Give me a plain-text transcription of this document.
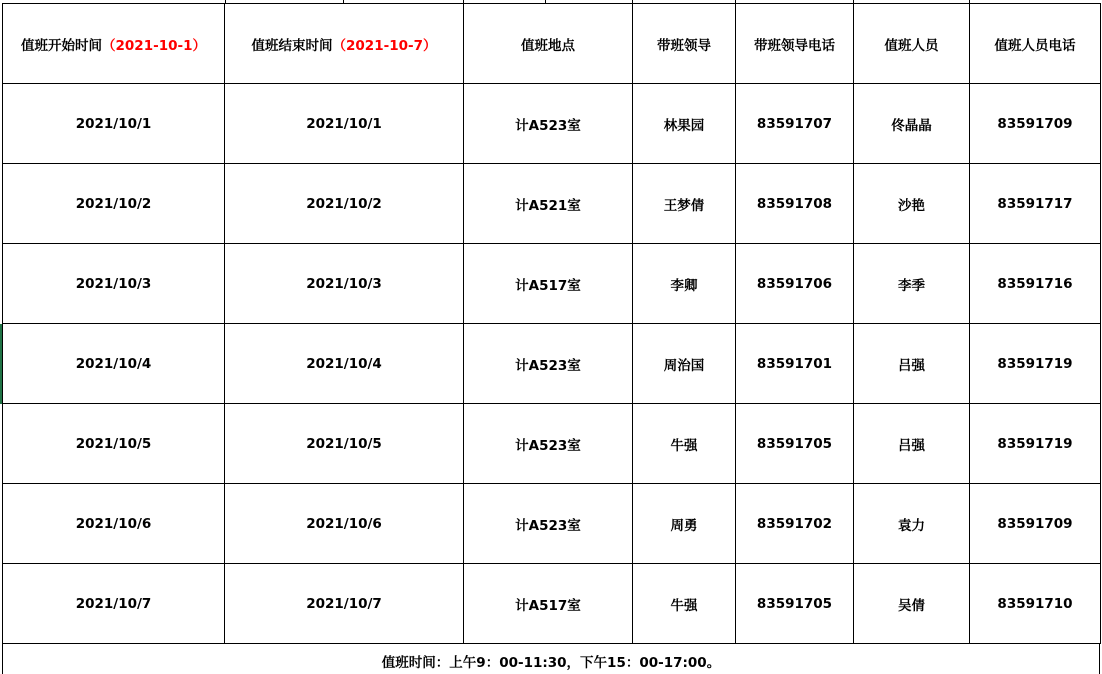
值班开始时间（2021-10-1）	值班结束时间（2021-10-7）	值班地点	带班领导	带班领导电话	值班人员	值班人员电话
2021/10/1	2021/10/1	计A523室	林果园	83591707	佟晶晶	83591709
2021/10/2	2021/10/2	计A521室	王梦倩	83591708	沙艳	83591717
2021/10/3	2021/10/3	计A517室	李卿	83591706	李季	83591716
2021/10/4	2021/10/4	计A523室	周治国	83591701	吕强	83591719
2021/10/5	2021/10/5	计A523室	牛强	83591705	吕强	83591719
2021/10/6	2021/10/6	计A523室	周勇	83591702	袁力	83591709
2021/10/7	2021/10/7	计A517室	牛强	83591705	吴倩	83591710
值班时间：上午9：00-11:30，下午15：00-17:00。
